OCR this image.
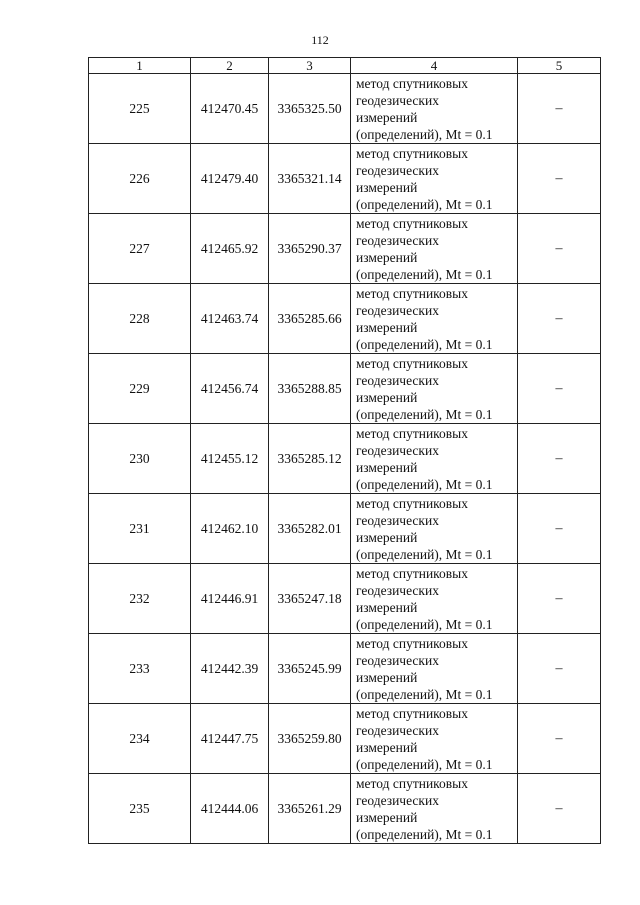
112
1	2	3	4	5
225	412470.45	3365325.50	метод спутниковых
геодезических
измерений
(определений), Mt = 0.1	–
226	412479.40	3365321.14	метод спутниковых
геодезических
измерений
(определений), Mt = 0.1	–
227	412465.92	3365290.37	метод спутниковых
геодезических
измерений
(определений), Mt = 0.1	–
228	412463.74	3365285.66	метод спутниковых
геодезических
измерений
(определений), Mt = 0.1	–
229	412456.74	3365288.85	метод спутниковых
геодезических
измерений
(определений), Mt = 0.1	–
230	412455.12	3365285.12	метод спутниковых
геодезических
измерений
(определений), Mt = 0.1	–
231	412462.10	3365282.01	метод спутниковых
геодезических
измерений
(определений), Mt = 0.1	–
232	412446.91	3365247.18	метод спутниковых
геодезических
измерений
(определений), Mt = 0.1	–
233	412442.39	3365245.99	метод спутниковых
геодезических
измерений
(определений), Mt = 0.1	–
234	412447.75	3365259.80	метод спутниковых
геодезических
измерений
(определений), Mt = 0.1	–
235	412444.06	3365261.29	метод спутниковых
геодезических
измерений
(определений), Mt = 0.1	–
